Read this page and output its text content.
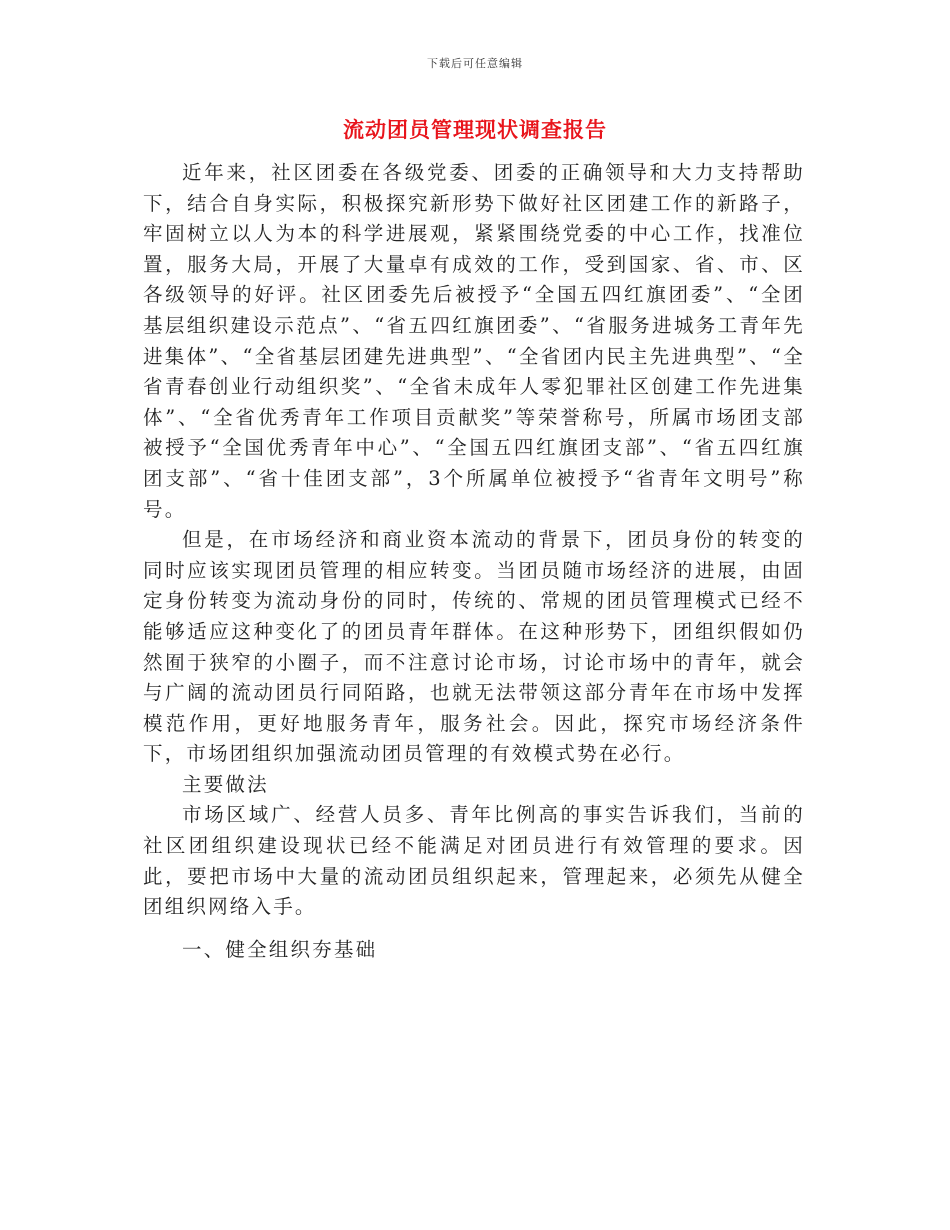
下载后可任意编辑
流动团员管理现状调查报告

近年来，社区团委在各级党委、团委的正确领导和大力支持帮助下，结合自身实际，积极探究新形势下做好社区团建工作的新路子，牢固树立以人为本的科学进展观，紧紧围绕党委的中心工作，找准位置，服务大局，开展了大量卓有成效的工作，受到国家、省、市、区各级领导的好评。社区团委先后被授予“全国五四红旗团委”、“全团基层组织建设示范点”、“省五四红旗团委”、“省服务进城务工青年先进集体”、“全省基层团建先进典型”、“全省团内民主先进典型”、“全省青春创业行动组织奖”、“全省未成年人零犯罪社区创建工作先进集体”、“全省优秀青年工作项目贡献奖”等荣誉称号，所属市场团支部被授予“全国优秀青年中心”、“全国五四红旗团支部”、“省五四红旗团支部”、“省十佳团支部”，3个所属单位被授予“省青年文明号”称号。

但是，在市场经济和商业资本流动的背景下，团员身份的转变的同时应该实现团员管理的相应转变。当团员随市场经济的进展，由固定身份转变为流动身份的同时，传统的、常规的团员管理模式已经不能够适应这种变化了的团员青年群体。在这种形势下，团组织假如仍然囿于狭窄的小圈子，而不注意讨论市场，讨论市场中的青年，就会与广阔的流动团员行同陌路，也就无法带领这部分青年在市场中发挥模范作用，更好地服务青年，服务社会。因此，探究市场经济条件下，市场团组织加强流动团员管理的有效模式势在必行。

主要做法

市场区域广、经营人员多、青年比例高的事实告诉我们，当前的社区团组织建设现状已经不能满足对团员进行有效管理的要求。因此，要把市场中大量的流动团员组织起来，管理起来，必须先从健全团组织网络入手。

一、健全组织夯基础
